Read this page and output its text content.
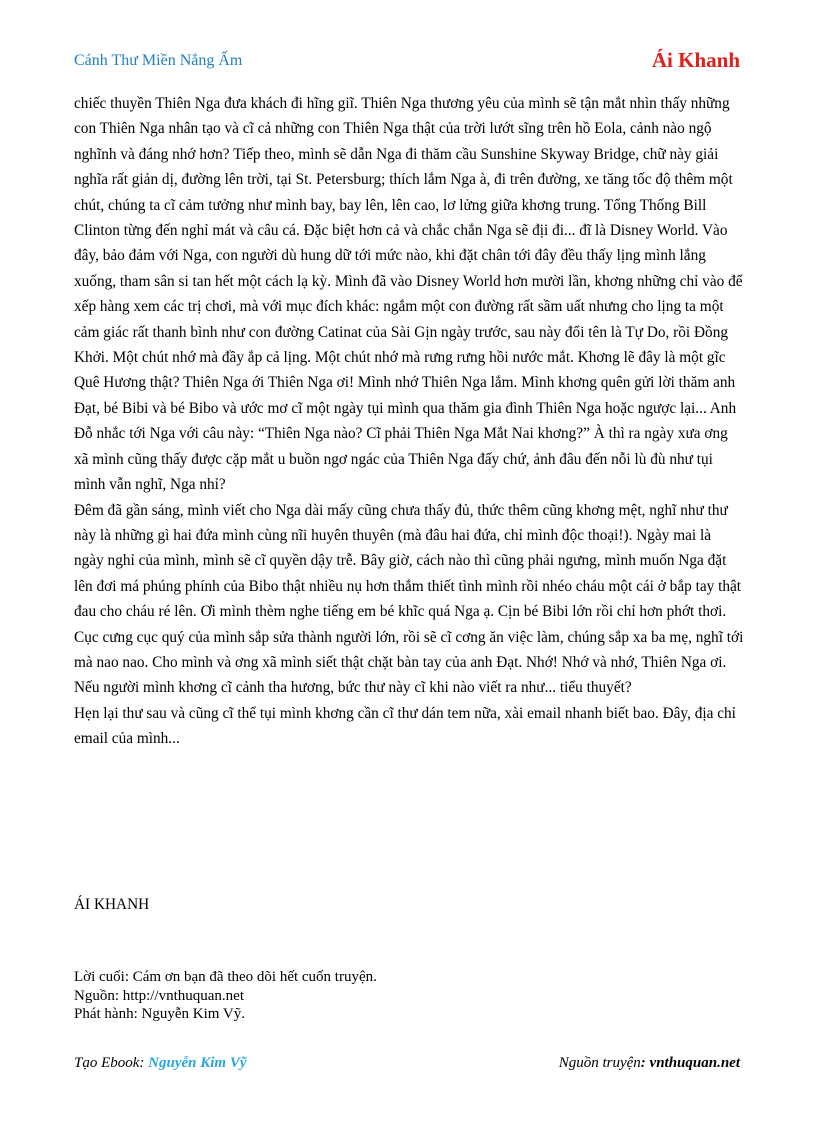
Cánh Thư Miền Nắng Ấm	Ái Khanh

chiếc thuyền Thiên Nga đưa khách đi hĩng giĩ. Thiên Nga thương yêu của mình sẽ tận mắt nhìn thấy những con Thiên Nga nhân tạo và cĩ cả những con Thiên Nga thật của trời lướt sĩng trên hồ Eola, cảnh nào ngộ nghĩnh và đáng nhớ hơn? Tiếp theo, mình sẽ dẫn Nga đi thăm cầu Sunshine Skyway Bridge, chữ này giải nghĩa rất giản dị, đường lên trời, tại St. Petersburg; thích lắm Nga à, đi trên đường, xe tăng tốc độ thêm một chút, chúng ta cĩ cảm tưởng như mình bay, bay lên, lên cao, lơ lửng giữa khơng trung. Tổng Thống Bill Clinton từng đến nghỉ mát và câu cá. Đặc biệt hơn cả và chắc chắn Nga sẽ địi đi... đĩ là Disney World. Vào đây, bảo đảm với Nga, con người dù hung dữ tới mức nào, khi đặt chân tới đây đều thấy lịng mình lắng xuống, tham sân si tan hết một cách lạ kỳ. Mình đã vào Disney World hơn mười lần, khơng những chỉ vào để xếp hàng xem các trị chơi, mà với mục đích khác: ngắm một con đường rất sầm uất nhưng cho lịng ta một cảm giác rất thanh bình như con đường Catinat của Sài Gịn ngày trước, sau này đổi tên là Tự Do, rồi Đồng Khởi. Một chút nhớ mà đầy ắp cả lịng. Một chút nhớ mà rưng rưng hồi nước mắt. Khơng lẽ đây là một gĩc Quê Hương thật? Thiên Nga ới Thiên Nga ơi! Mình nhớ Thiên Nga lắm. Mình khơng quên gửi lời thăm anh Đạt, bé Bibi và bé Bibo và ước mơ cĩ một ngày tụi mình qua thăm gia đình Thiên Nga hoặc ngược lại... Anh Đỗ nhắc tới Nga với câu này: “Thiên Nga nào? Cĩ phải Thiên Nga Mắt Nai khơng?” À thì ra ngày xưa ơng xã mình cũng thấy được cặp mắt u buồn ngơ ngác của Thiên Nga đấy chứ, ảnh đâu đến nỗi lù đù như tụi mình vẫn nghĩ, Nga nhỉ?

Đêm đã gần sáng, mình viết cho Nga dài mấy cũng chưa thấy đủ, thức thêm cũng khơng mệt, nghĩ như thư này là những gì hai đứa mình cùng nĩi huyên thuyên (mà đâu hai đứa, chỉ mình độc thoại!). Ngày mai là ngày nghỉ của mình, mình sẽ cĩ quyền dậy trễ. Bây giờ, cách nào thì cũng phải ngưng, mình muốn Nga đặt lên đơi má phúng phính của Bibo thật nhiều nụ hơn thắm thiết tình mình rồi nhéo cháu một cái ở bắp tay thật đau cho cháu ré lên. Ơi mình thèm nghe tiếng em bé khĩc quá Nga ạ. Cịn bé Bibi lớn rồi chỉ hơn phớt thơi. Cục cưng cục quý của mình sắp sửa thành người lớn, rồi sẽ cĩ cơng ăn việc làm, chúng sắp xa ba mẹ, nghĩ tới mà nao nao. Cho mình và ơng xã mình siết thật chặt bàn tay của anh Đạt. Nhớ! Nhớ và nhớ, Thiên Nga ơi. Nếu người mình khơng cĩ cảnh tha hương, bức thư này cĩ khi nào viết ra như... tiểu thuyết?

Hẹn lại thư sau và cũng cĩ thể tụi mình khơng cần cĩ thư dán tem nữa, xài email nhanh biết bao. Đây, địa chỉ email của mình...

ÁI KHANH
Lời cuối: Cám ơn bạn đã theo dõi hết cuốn truyện.
Nguồn: http://vnthuquan.net
Phát hành: Nguyễn Kim Vỹ.
Tạo Ebook: Nguyễn Kim Vỹ	Nguồn truyện: vnthuquan.net
